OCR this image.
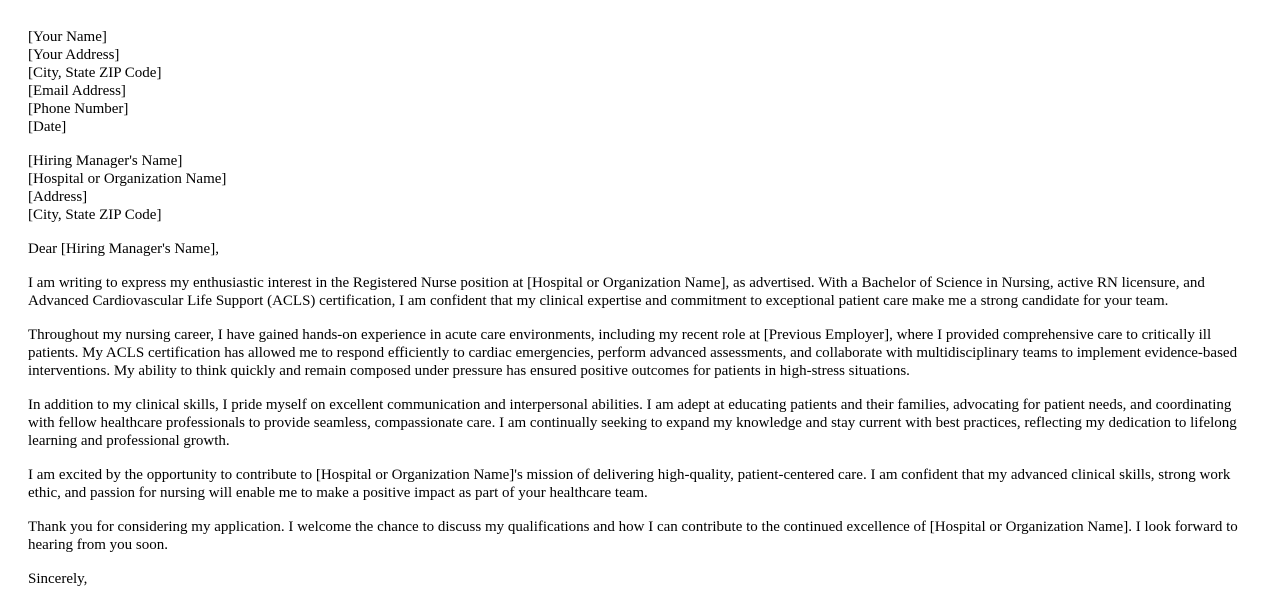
[Your Name]
[Your Address]
[City, State ZIP Code]
[Email Address]
[Phone Number]
[Date]
[Hiring Manager's Name]
[Hospital or Organization Name]
[Address]
[City, State ZIP Code]

Dear [Hiring Manager's Name],

I am writing to express my enthusiastic interest in the Registered Nurse position at [Hospital or Organization Name], as advertised. With a Bachelor of Science in Nursing, active RN licensure, and Advanced Cardiovascular Life Support (ACLS) certification, I am confident that my clinical expertise and commitment to exceptional patient care make me a strong candidate for your team.

Throughout my nursing career, I have gained hands-on experience in acute care environments, including my recent role at [Previous Employer], where I provided comprehensive care to critically ill patients. My ACLS certification has allowed me to respond efficiently to cardiac emergencies, perform advanced assessments, and collaborate with multidisciplinary teams to implement evidence-based interventions. My ability to think quickly and remain composed under pressure has ensured positive outcomes for patients in high-stress situations.

In addition to my clinical skills, I pride myself on excellent communication and interpersonal abilities. I am adept at educating patients and their families, advocating for patient needs, and coordinating with fellow healthcare professionals to provide seamless, compassionate care. I am continually seeking to expand my knowledge and stay current with best practices, reflecting my dedication to lifelong learning and professional growth.

I am excited by the opportunity to contribute to [Hospital or Organization Name]'s mission of delivering high-quality, patient-centered care. I am confident that my advanced clinical skills, strong work ethic, and passion for nursing will enable me to make a positive impact as part of your healthcare team.

Thank you for considering my application. I welcome the chance to discuss my qualifications and how I can contribute to the continued excellence of [Hospital or Organization Name]. I look forward to hearing from you soon.

Sincerely,
